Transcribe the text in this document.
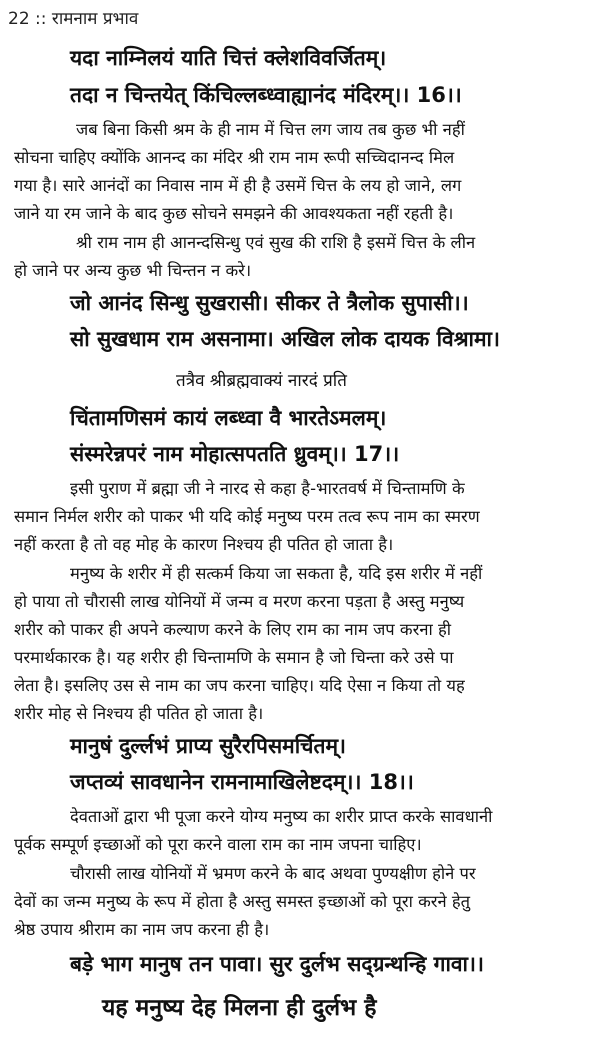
22 :: रामनाम प्रभाव
यदा नाम्निलयं याति चित्तं क्लेशविवर्जितम्।
तदा न चिन्तयेत् किंचिल्लब्ध्वाह्यानंद मंदिरम्।। 16।।
जब बिना किसी श्रम के ही नाम में चित्त लग जाय तब कुछ भी नहीं
सोचना चाहिए क्योंकि आनन्द का मंदिर श्री राम नाम रूपी सच्चिदानन्द मिल
गया है। सारे आनंदों का निवास नाम में ही है उसमें चित्त के लय हो जाने, लग
जाने या रम जाने के बाद कुछ सोचने समझने की आवश्यकता नहीं रहती है।
श्री राम नाम ही आनन्दसिन्धु एवं सुख की राशि है इसमें चित्त के लीन
हो जाने पर अन्य कुछ भी चिन्तन न करे।
जो आनंद सिन्धु सुखरासी। सीकर ते त्रैलोक सुपासी।।
सो सुखधाम राम असनामा। अखिल लोक दायक विश्रामा।
तत्रैव श्रीब्रह्मवाक्यं नारदं प्रति
चिंतामणिसमं कायं लब्ध्वा वै भारतेऽमलम्।
संस्मरेन्नपरं नाम मोहात्सपतति ध्रुवम्।। 17।।
इसी पुराण में ब्रह्मा जी ने नारद से कहा है-भारतवर्ष में चिन्तामणि के
समान निर्मल शरीर को पाकर भी यदि कोई मनुष्य परम तत्व रूप नाम का स्मरण
नहीं करता है तो वह मोह के कारण निश्चय ही पतित हो जाता है।
मनुष्य के शरीर में ही सत्कर्म किया जा सकता है, यदि इस शरीर में नहीं
हो पाया तो चौरासी लाख योनियों में जन्म व मरण करना पड़ता है अस्तु मनुष्य
शरीर को पाकर ही अपने कल्याण करने के लिए राम का नाम जप करना ही
परमार्थकारक है। यह शरीर ही चिन्तामणि के समान है जो चिन्ता करे उसे पा
लेता है। इसलिए उस से नाम का जप करना चाहिए। यदि ऐसा न किया तो यह
शरीर मोह से निश्चय ही पतित हो जाता है।
मानुषं दुर्ल्लभं प्राप्य सुरैरपिसमर्चितम्।
जप्तव्यं सावधानेन रामनामाखिलेष्टदम्।। 18।।
देवताओं द्वारा भी पूजा करने योग्य मनुष्य का शरीर प्राप्त करके सावधानी
पूर्वक सम्पूर्ण इच्छाओं को पूरा करने वाला राम का नाम जपना चाहिए।
चौरासी लाख योनियों में भ्रमण करने के बाद अथवा पुण्यक्षीण होने पर
देवों का जन्म मनुष्य के रूप में होता है अस्तु समस्त इच्छाओं को पूरा करने हेतु
श्रेष्ठ उपाय श्रीराम का नाम जप करना ही है।
बड़े भाग मानुष तन पावा। सुर दुर्लभ सद्ग्रन्थन्हि गावा।।
यह मनुष्य देह मिलना ही दुर्लभ है
